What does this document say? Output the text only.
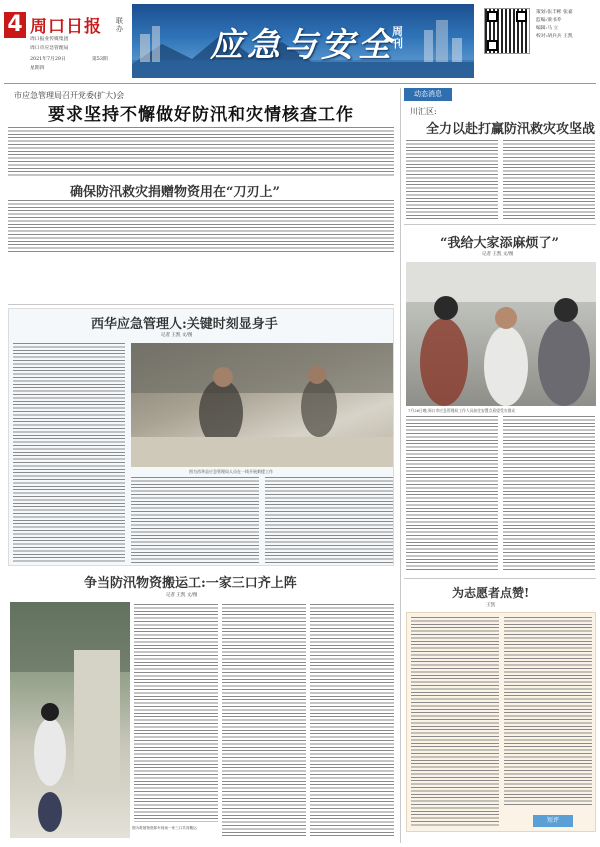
4 周口日报 联办
周口报业传媒集团
周口市应急管理局
2021年7月29日	第53期
星期四
应急与安全
周刊
策划:张丰彬 张嘉
监编:梁书乔
编辑:马 立
校对:胡兵兵 王凯
市应急管理局召开党委(扩大)会
要求坚持不懈做好防汛和灾情核查工作
确保防汛救灾捐赠物资用在“刀刃上”
西华应急管理人:关键时刻显身手
记者 王凯 文/图
图为西华县应急管理局人员在一线开展救援工作
争当防汛物资搬运工:一家三口齐上阵
记者 王凯 文/图
图为救援物资卸车现场一家三口共同搬运
动态消息
川汇区:
全力以赴打赢防汛救灾攻坚战
“我给大家添麻烦了”
记者 王凯 文/图
7月26日晚,周口市应急管理局工作人员前往安置点看望受灾群众
为志愿者点赞!
王凯
短评
